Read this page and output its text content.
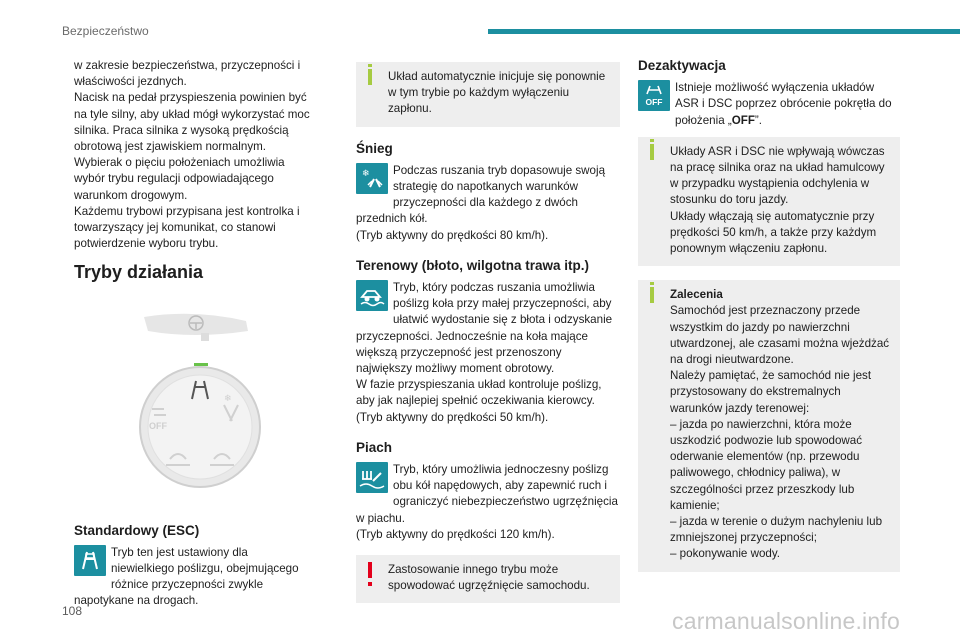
Bezpieczeństwo

w zakresie bezpieczeństwa, przyczepności i właściwości jezdnych.

Nacisk na pedał przyspieszenia powinien być na tyle silny, aby układ mógł wykorzystać moc silnika. Praca silnika z wysoką prędkością obrotową jest zjawiskiem normalnym.

Wybierak o pięciu położeniach umożliwia wybór trybu regulacji odpowiadającego warunkom drogowym.

Każdemu trybowi przypisana jest kontrolka i towarzyszący jej komunikat, co stanowi potwierdzenie wyboru trybu.

Tryby działania
OFF
❄
Standardowy (ESC)

Tryb ten jest ustawiony dla niewielkiego poślizgu, obejmującego różnice przyczepności zwykle napotykane na drogach.

Układ automatycznie inicjuje się ponownie w tym trybie po każdym wyłączeniu zapłonu.

Śnieg
❄	Podczas ruszania tryb dopasowuje swoją strategię do napotkanych warunków przyczepności dla każdego z dwóch przednich kół.

(Tryb aktywny do prędkości 80 km/h).

Terenowy (błoto, wilgotna trawa itp.)

Tryb, który podczas ruszania umożliwia poślizg koła przy małej przyczepności, aby ułatwić wydostanie się z błota i odzyskanie przyczepności. Jednocześnie na koła mające większą przyczepność jest przenoszony największy możliwy moment obrotowy.

W fazie przyspieszania układ kontroluje poślizg, aby jak najlepiej spełnić oczekiwania kierowcy.

(Tryb aktywny do prędkości 50 km/h).

Piach

Tryb, który umożliwia jednoczesny poślizg obu kół napędowych, aby zapewnić ruch i ograniczyć niebezpieczeństwo ugrzęźnięcia w piachu.

(Tryb aktywny do prędkości 120 km/h).

Zastosowanie innego trybu może spowodować ugrzęźnięcie samochodu.

Dezaktywacja
OFF

Istnieje możliwość wyłączenia układów ASR i DSC poprzez obrócenie pokrętła do położenia „OFF”.

Układy ASR i DSC nie wpływają wówczas na pracę silnika oraz na układ hamulcowy w przypadku wystąpienia odchylenia w stosunku do toru jazdy.

Układy włączają się automatycznie przy prędkości 50 km/h, a także przy każdym ponownym włączeniu zapłonu.

Zalecenia

Samochód jest przeznaczony przede wszystkim do jazdy po nawierzchni utwardzonej, ale czasami można wjeżdżać na drogi nieutwardzone.

Należy pamiętać, że samochód nie jest przystosowany do ekstremalnych warunków jazdy terenowej:

– jazda po nawierzchni, która może uszkodzić podwozie lub spowodować oderwanie elementów (np. przewodu paliwowego, chłodnicy paliwa), w szczególności przez przeszkody lub kamienie;

– jazda w terenie o dużym nachyleniu lub zmniejszonej przyczepności;

– pokonywanie wody.

108	carmanualsonline.info
